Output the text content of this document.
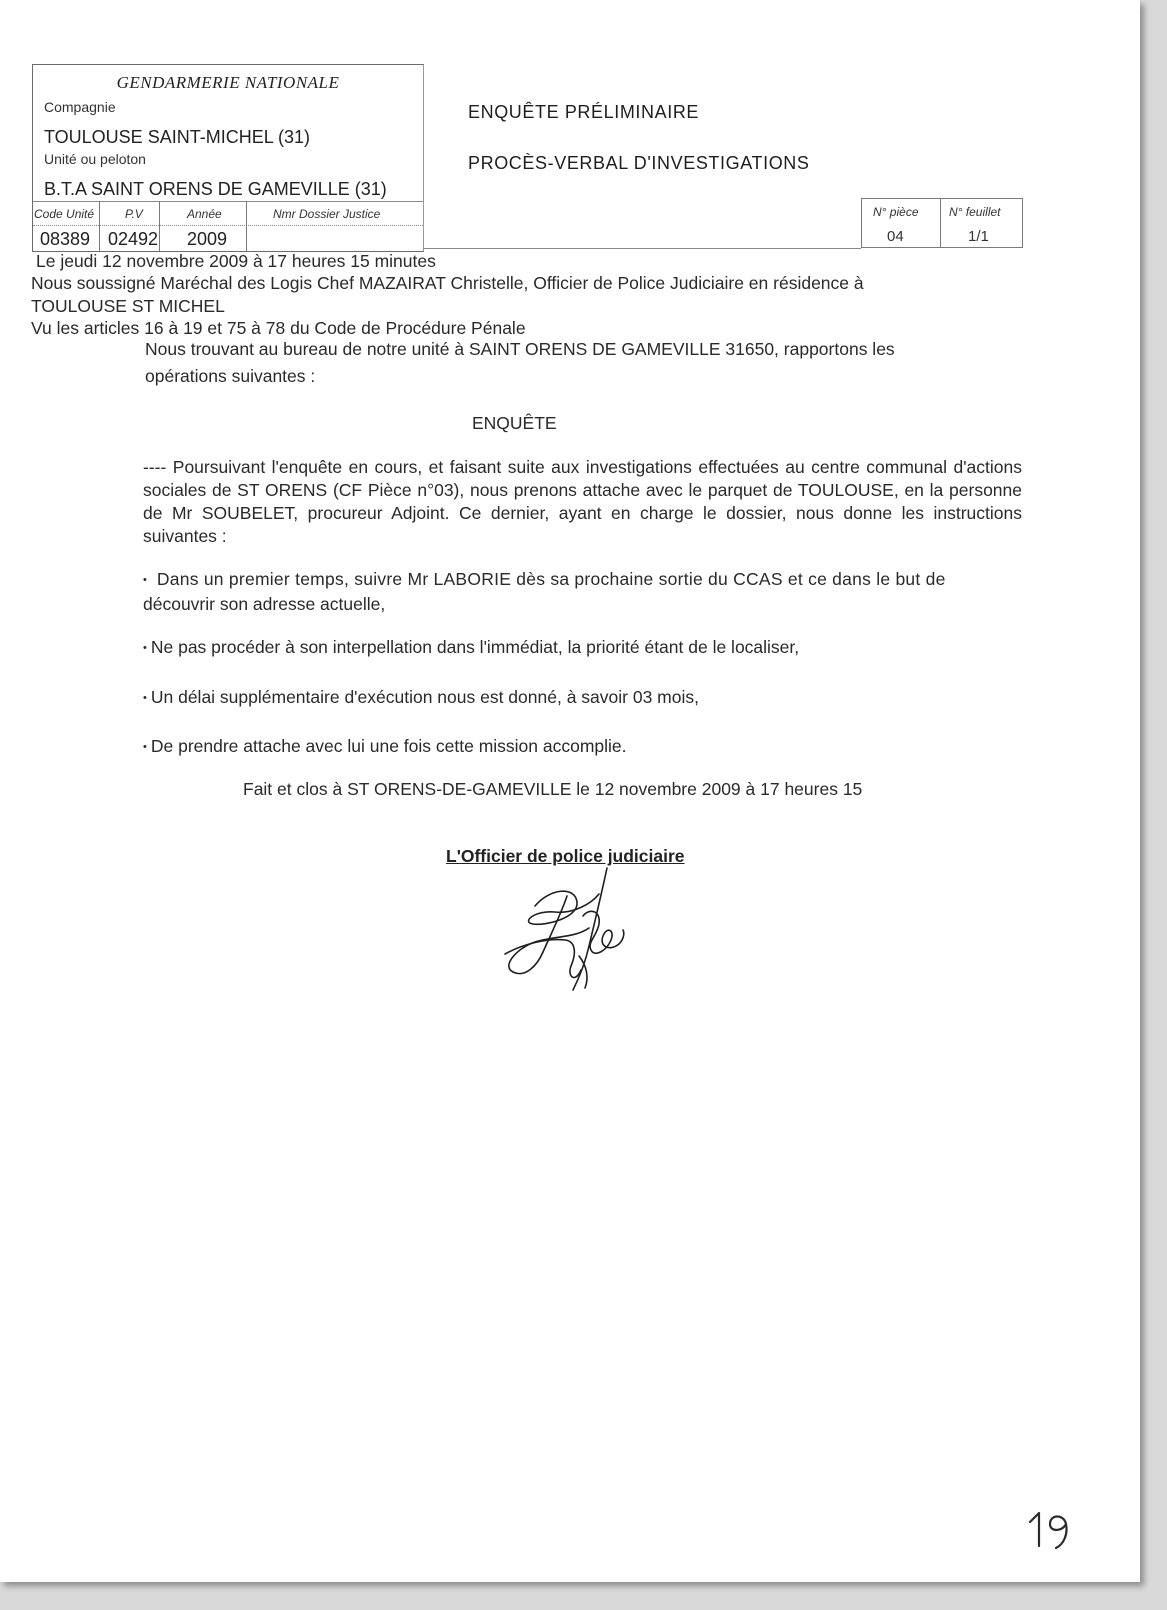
GENDARMERIE NATIONALE
Compagnie
TOULOUSE SAINT-MICHEL (31)
Unité ou peloton
B.T.A SAINT ORENS DE GAMEVILLE (31)
Code Unité	P.V	Année	Nmr Dossier Justice
08389 02492 2009
ENQUÊTE PRÉLIMINAIRE
PROCÈS-VERBAL D'INVESTIGATIONS
N° pièce	N° feuillet
04	1/1
Le jeudi 12 novembre 2009 à 17 heures 15 minutes
Nous soussigné Maréchal des Logis Chef MAZAIRAT Christelle, Officier de Police Judiciaire en résidence à
TOULOUSE ST MICHEL
Vu les articles 16 à 19 et 75 à 78 du Code de Procédure Pénale
Nous trouvant au bureau de notre unité à SAINT ORENS DE GAMEVILLE 31650, rapportons les
opérations suivantes :
ENQUÊTE
---- Poursuivant l'enquête en cours, et faisant suite aux investigations effectuées au centre communal d'actions sociales de ST ORENS (CF Pièce n°03), nous prenons attache avec le parquet de TOULOUSE, en la personne de Mr SOUBELET, procureur Adjoint. Ce dernier, ayant en charge le dossier, nous donne les instructions suivantes :
• Dans un premier temps, suivre Mr LABORIE dès sa prochaine sortie du CCAS et ce dans le but de
découvrir son adresse actuelle,
• Ne pas procéder à son interpellation dans l'immédiat, la priorité étant de le localiser,
• Un délai supplémentaire d'exécution nous est donné, à savoir 03 mois,
• De prendre attache avec lui une fois cette mission accomplie.
Fait et clos à ST ORENS-DE-GAMEVILLE le 12 novembre 2009 à 17 heures 15
L'Officier de police judiciaire
